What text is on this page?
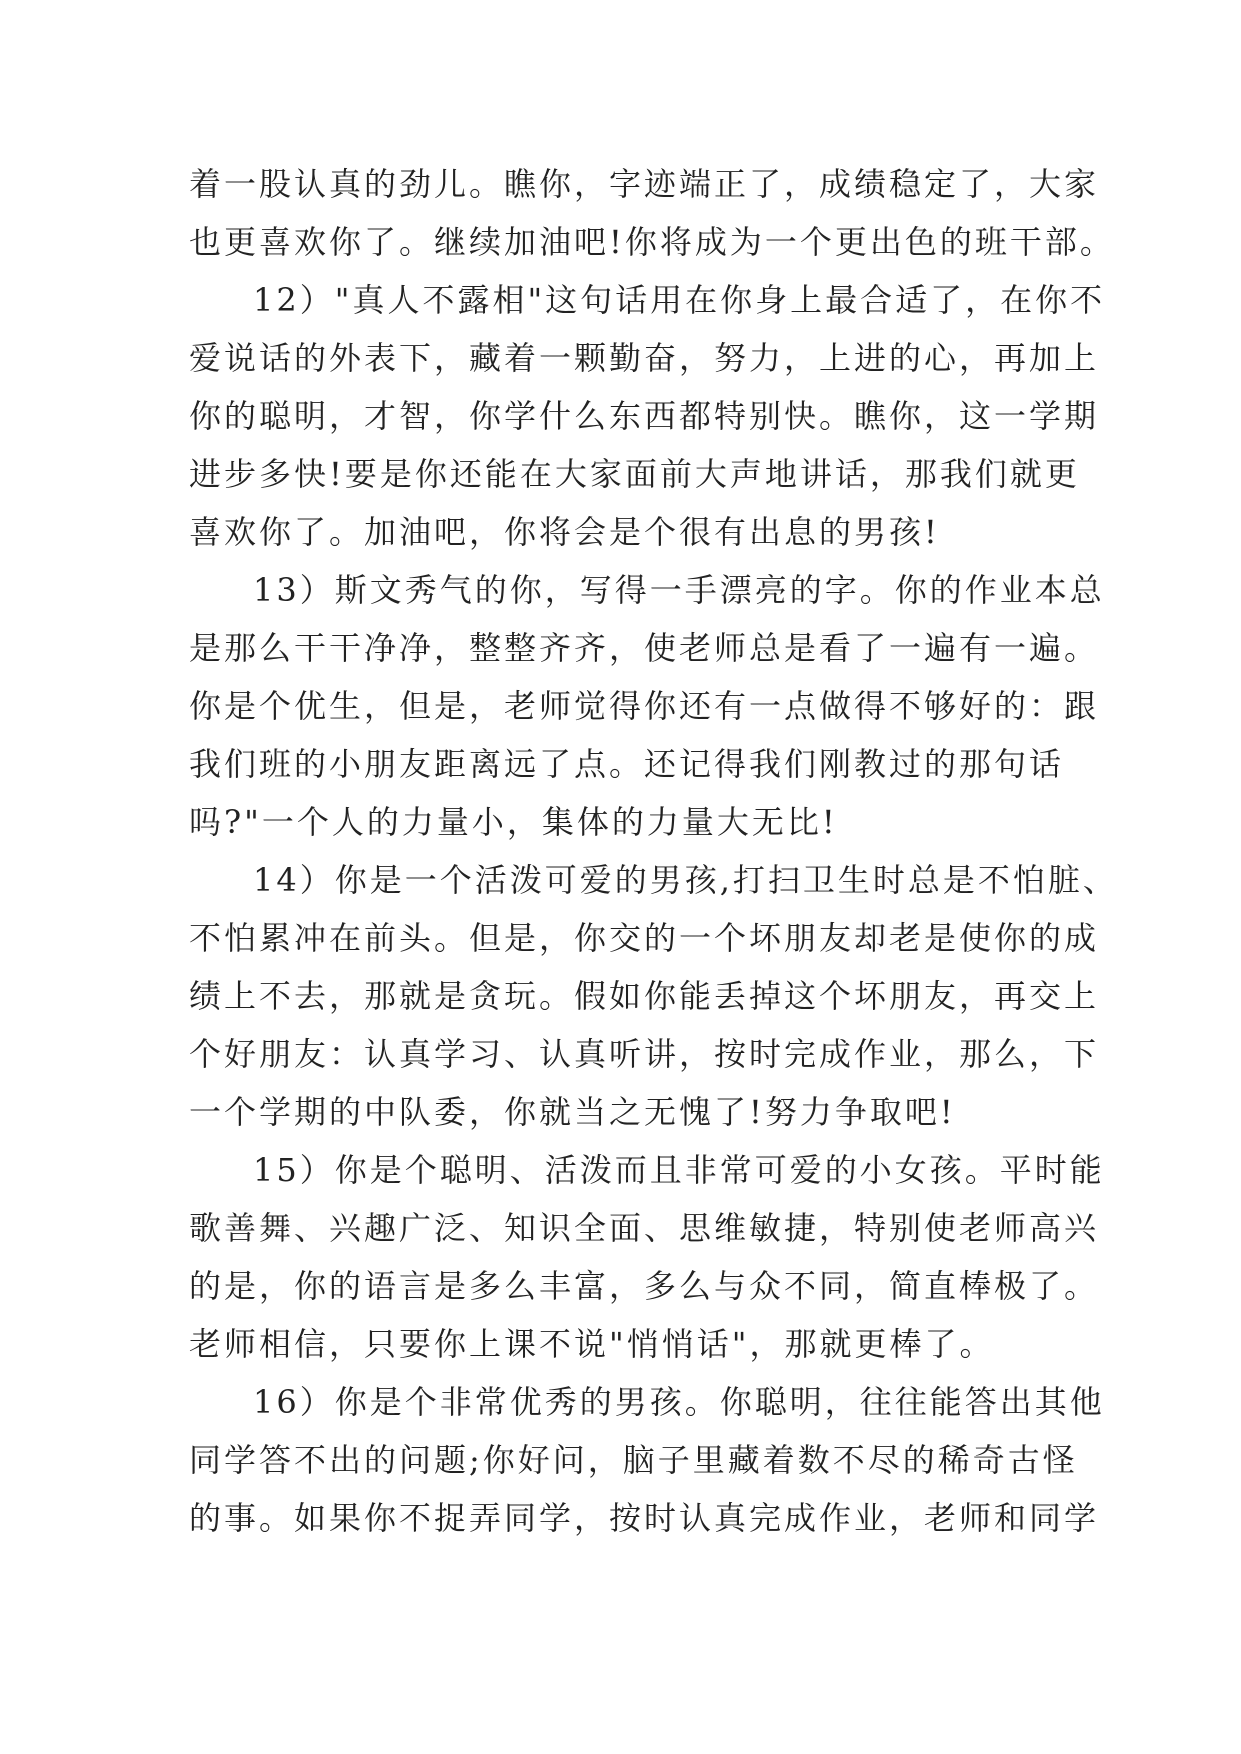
着一股认真的劲儿。瞧你，字迹端正了，成绩稳定了，大家
也更喜欢你了。继续加油吧!你将成为一个更出色的班干部。
12）"真人不露相"这句话用在你身上最合适了，在你不
爱说话的外表下，藏着一颗勤奋，努力，上进的心，再加上
你的聪明，才智，你学什么东西都特别快。瞧你，这一学期
进步多快!要是你还能在大家面前大声地讲话，那我们就更
喜欢你了。加油吧，你将会是个很有出息的男孩!
13）斯文秀气的你，写得一手漂亮的字。你的作业本总
是那么干干净净，整整齐齐，使老师总是看了一遍有一遍。
你是个优生，但是，老师觉得你还有一点做得不够好的：跟
我们班的小朋友距离远了点。还记得我们刚教过的那句话
吗?"一个人的力量小，集体的力量大无比!
14）你是一个活泼可爱的男孩,打扫卫生时总是不怕脏、
不怕累冲在前头。但是，你交的一个坏朋友却老是使你的成
绩上不去，那就是贪玩。假如你能丢掉这个坏朋友，再交上
个好朋友：认真学习、认真听讲，按时完成作业，那么，下
一个学期的中队委，你就当之无愧了!努力争取吧!
15）你是个聪明、活泼而且非常可爱的小女孩。平时能
歌善舞、兴趣广泛、知识全面、思维敏捷，特别使老师高兴
的是，你的语言是多么丰富，多么与众不同，简直棒极了。
老师相信，只要你上课不说"悄悄话"，那就更棒了。
16）你是个非常优秀的男孩。你聪明，往往能答出其他
同学答不出的问题;你好问，脑子里藏着数不尽的稀奇古怪
的事。如果你不捉弄同学，按时认真完成作业，老师和同学
